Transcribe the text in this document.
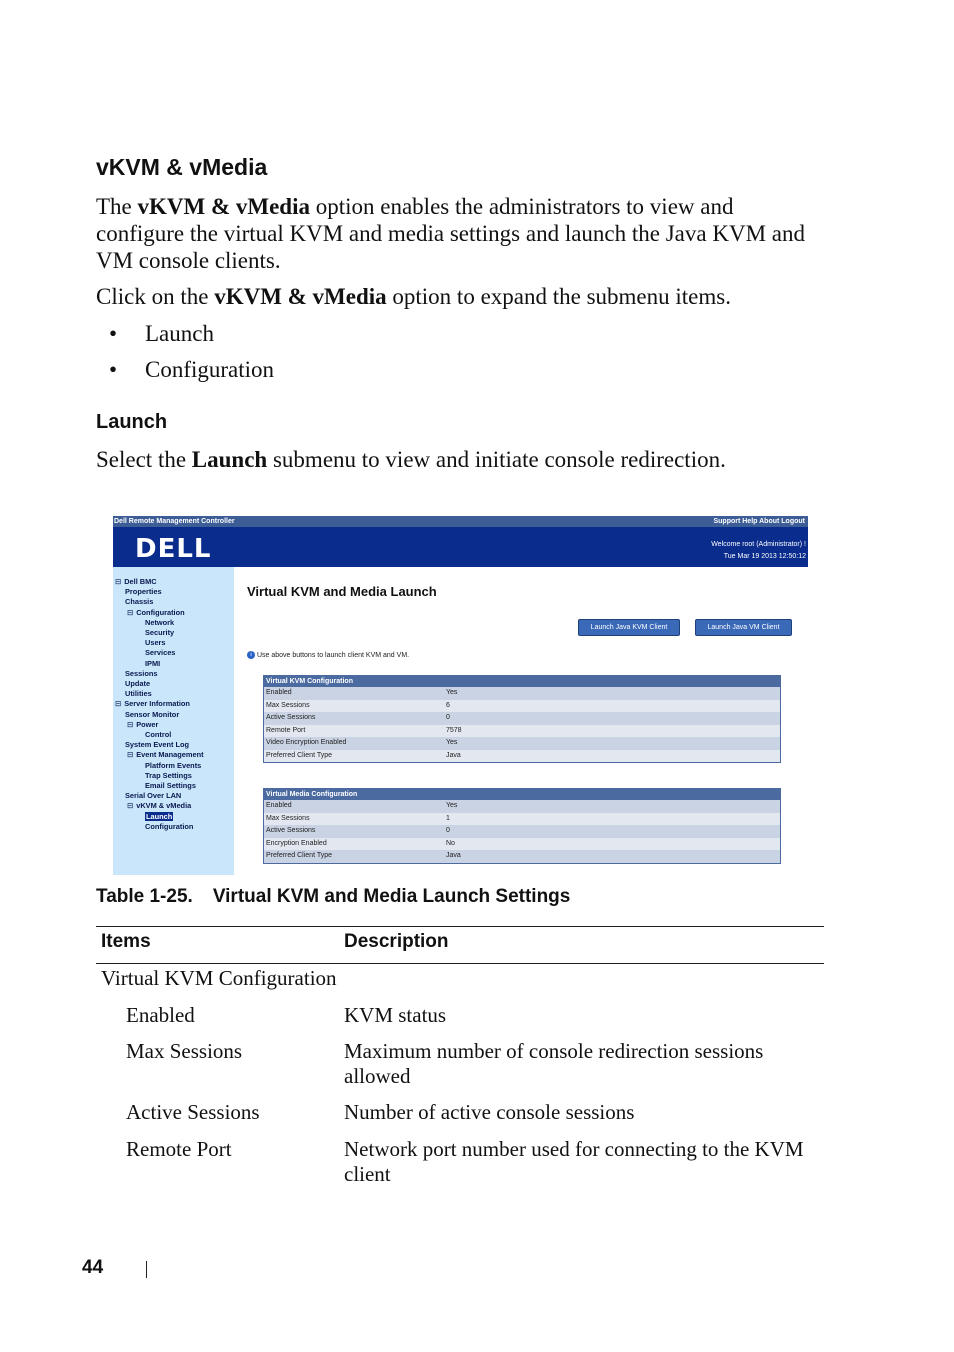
vKVM & vMedia
The vKVM & vMedia option enables the administrators to view and
configure the virtual KVM and media settings and launch the Java KVM and
VM console clients.
Click on the vKVM & vMedia option to expand the submenu items.
• Launch
• Configuration
Launch
Select the Launch submenu to view and initiate console redirection.
Dell Remote Management Controller	Support Help About Logout
DELL	Welcome root (Administrator) !
Tue Mar 19 2013 12:50:12
⊟ Dell BMC
Properties
Chassis
⊟ Configuration
Network
Security
Users
Services
IPMI
Sessions
Update
Utilities
⊟ Server Information
Sensor Monitor
⊟ Power
Control
System Event Log
⊟ Event Management
Platform Events
Trap Settings
Email Settings
Serial Over LAN
⊟ vKVM & vMedia
Launch
Configuration
Virtual KVM and Media Launch
Launch Java KVM Client	Launch Java VM Client
i Use above buttons to launch client KVM and VM.
Virtual KVM Configuration
Enabled	Yes
Max Sessions	6
Active Sessions	0
Remote Port	7578
Video Encryption Enabled	Yes
Preferred Client Type	Java
Virtual Media Configuration
Enabled	Yes
Max Sessions	1
Active Sessions	0
Encryption Enabled	No
Preferred Client Type	Java
Table 1-25. Virtual KVM and Media Launch Settings
Items	Description
Virtual KVM Configuration
Enabled	KVM status
Max Sessions	Maximum number of console redirection sessions
allowed
Active Sessions	Number of active console sessions
Remote Port	Network port number used for connecting to the KVM
client
44
